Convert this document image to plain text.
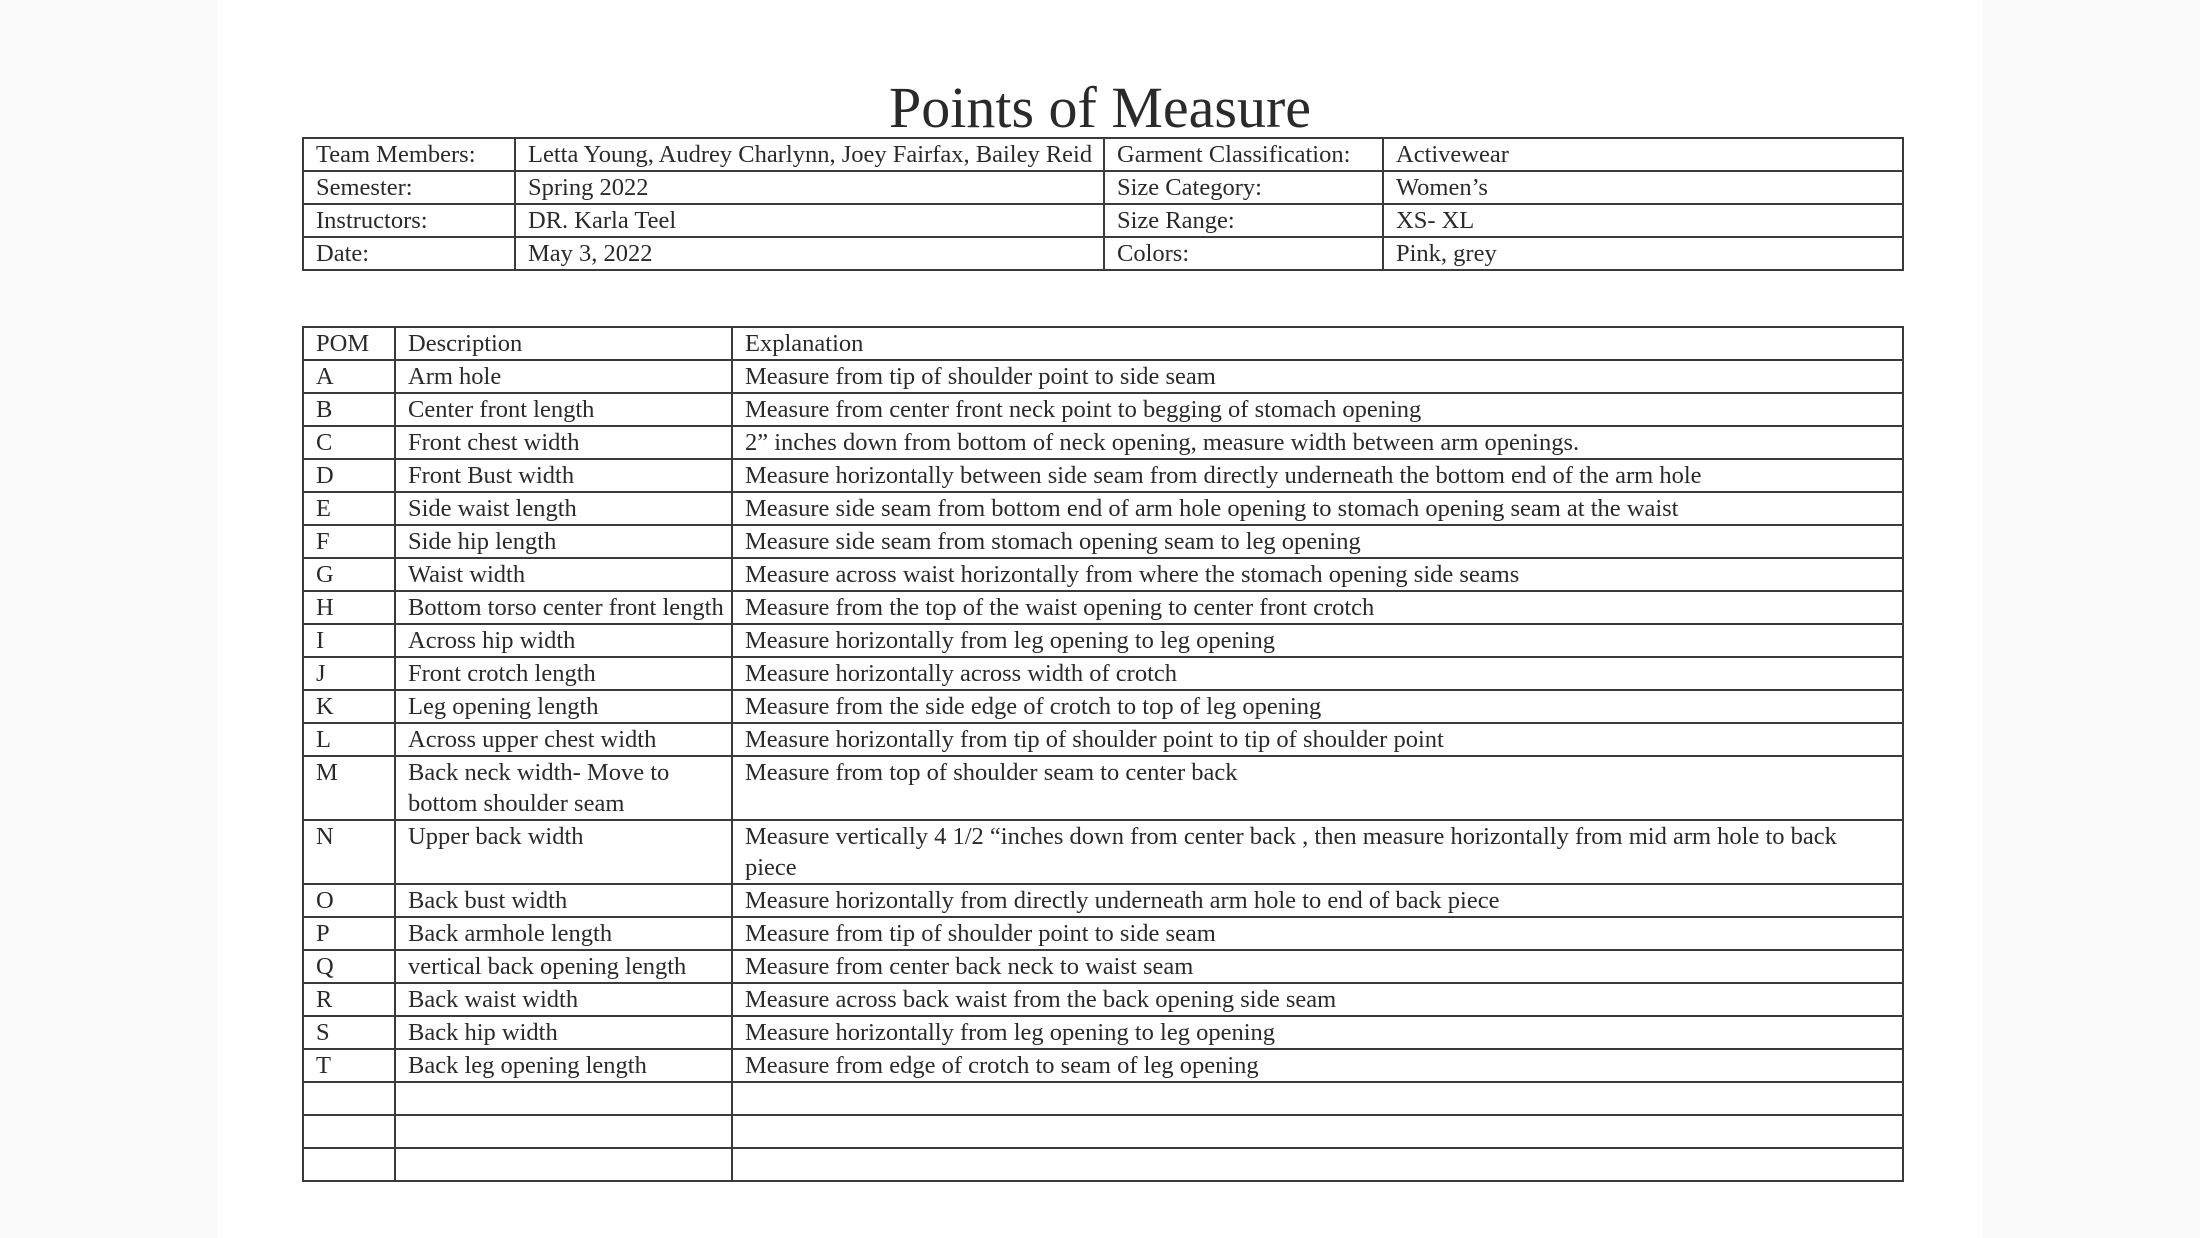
Points of Measure
Team Members:	Letta Young, Audrey Charlynn, Joey Fairfax, Bailey Reid	Garment Classification:	Activewear
Semester:	Spring 2022	Size Category:	Women’s
Instructors:	DR. Karla Teel	Size Range:	XS- XL
Date:	May 3, 2022	Colors:	Pink, grey
POM	Description	Explanation
A	Arm hole	Measure from tip of shoulder point to side seam
B	Center front length	Measure from center front neck point to begging of stomach opening
C	Front chest width	2” inches down from bottom of neck opening, measure width between arm openings.
D	Front Bust width	Measure horizontally between side seam from directly underneath the bottom end of the arm hole
E	Side waist length	Measure side seam from bottom end of arm hole opening to stomach opening seam at the waist
F	Side hip length	Measure side seam from stomach opening seam to leg opening
G	Waist width	Measure across waist horizontally from where the stomach opening side seams
H	Bottom torso center front length	Measure from the top of the waist opening to center front crotch
I	Across hip width	Measure horizontally from leg opening to leg opening
J	Front crotch length	Measure horizontally across width of crotch
K	Leg opening length	Measure from the side edge of crotch to top of leg opening
L	Across upper chest width	Measure horizontally from tip of shoulder point to tip of shoulder point
M	Back neck width- Move to bottom shoulder seam	Measure from top of shoulder seam to center back
N	Upper back width	Measure vertically 4 1/2 “inches down from center back , then measure horizontally from mid arm hole to back piece
O	Back bust width	Measure horizontally from directly underneath arm hole to end of back piece
P	Back armhole length	Measure from tip of shoulder point to side seam
Q	vertical back opening length	Measure from center back neck to waist seam
R	Back waist width	Measure across back waist from the back opening side seam
S	Back hip width	Measure horizontally from leg opening to leg opening
T	Back leg opening length	Measure from edge of crotch to seam of leg opening
